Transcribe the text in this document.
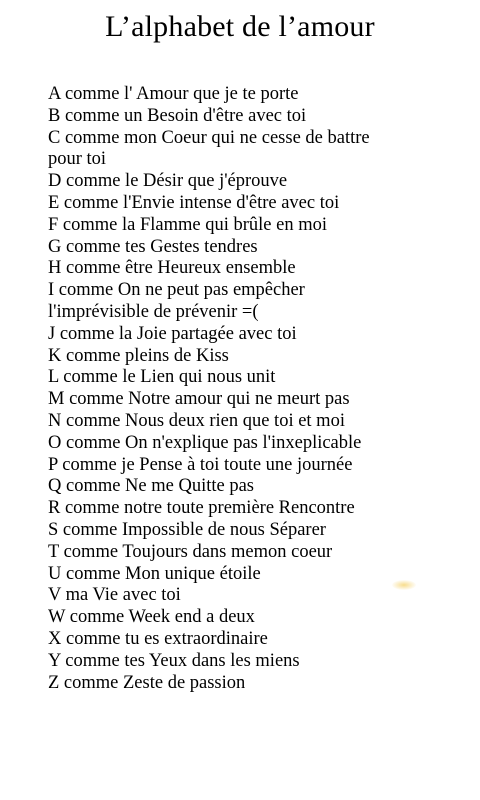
L’alphabet de l’amour
A comme l' Amour que je te porte
B comme un Besoin d'être avec toi
C comme mon Coeur qui ne cesse de battre
pour toi
D comme le Désir que j'éprouve
E comme l'Envie intense d'être avec toi
F comme la Flamme qui brûle en moi
G comme tes Gestes tendres
H comme être Heureux ensemble
I comme On ne peut pas empêcher
l'imprévisible de prévenir =(
J comme la Joie partagée avec toi
K comme pleins de Kiss
L comme le Lien qui nous unit
M comme Notre amour qui ne meurt pas
N comme Nous deux rien que toi et moi
O comme On n'explique pas l'inxeplicable
P comme je Pense à toi toute une journée
Q comme Ne me Quitte pas
R comme notre toute première Rencontre
S comme Impossible de nous Séparer
T comme Toujours dans memon coeur
U comme Mon unique étoile
V ma Vie avec toi
W comme Week end a deux
X comme tu es extraordinaire
Y comme tes Yeux dans les miens
Z comme Zeste de passion
